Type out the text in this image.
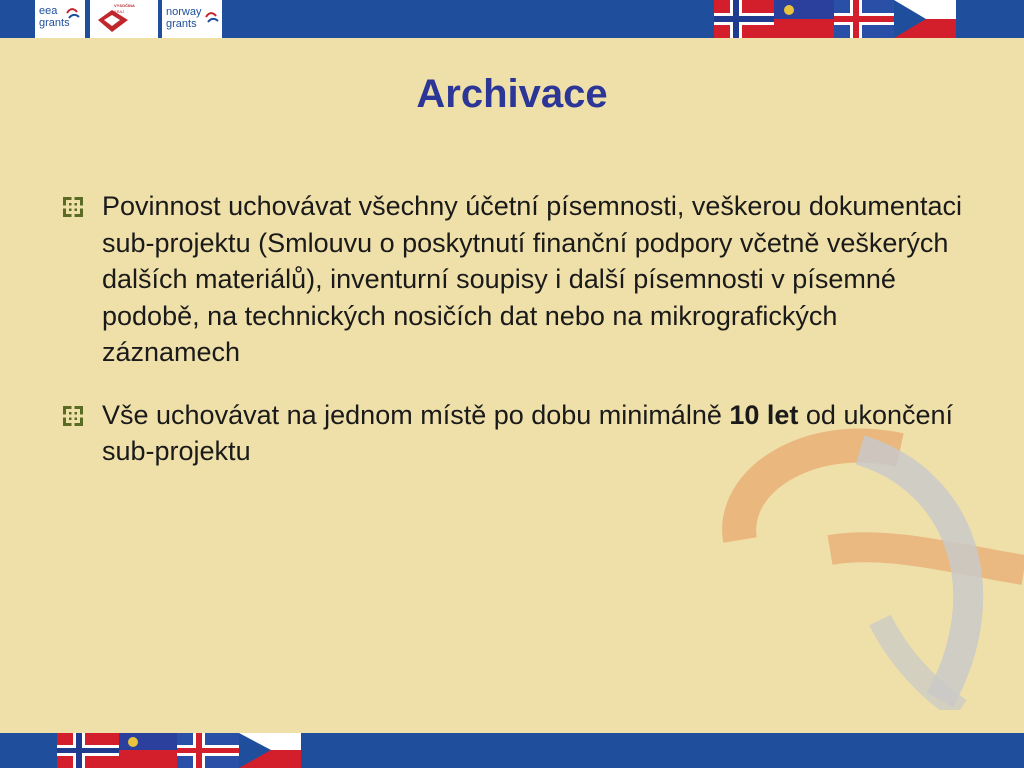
eea
grants
VYSOČINA
KRAJ	norway
grants
Archivace
Povinnost uchovávat všechny účetní písemnosti, veškerou dokumentaci sub-projektu (Smlouvu o poskytnutí finanční podpory včetně veškerých dalších materiálů), inventurní soupisy i další písemnosti v písemné podobě, na technických nosičích dat nebo na mikrografických záznamech
Vše uchovávat na jednom místě po dobu minimálně 10 let od ukončení sub-projektu
